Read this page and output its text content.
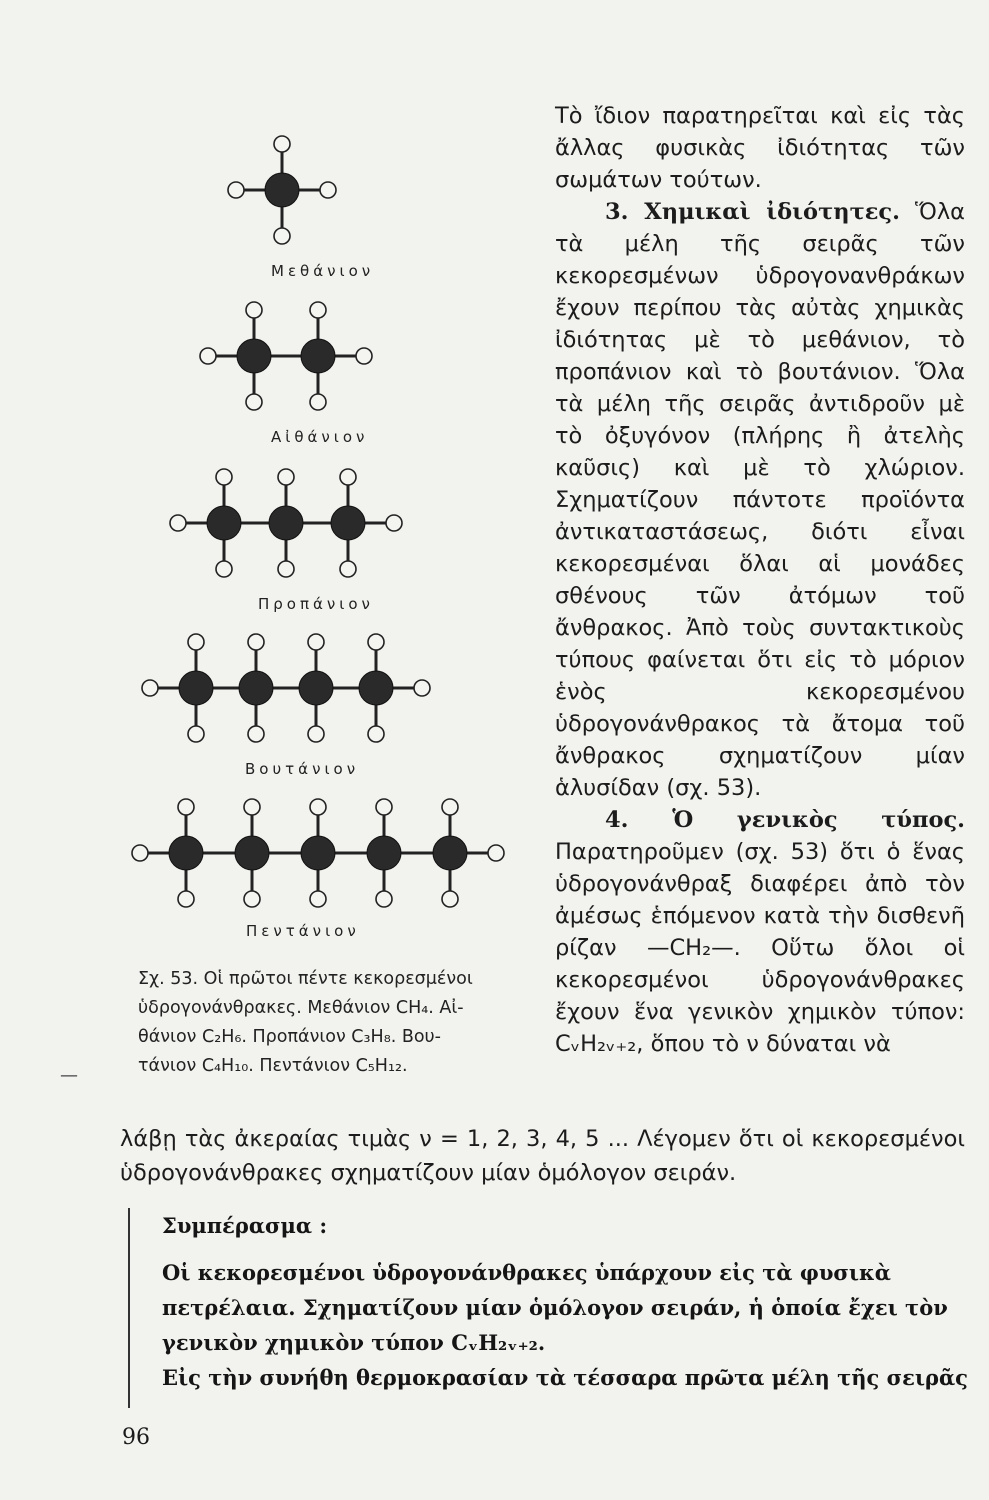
Μεθάνιον
Αἰθάνιον
Προπάνιον
Βουτάνιον
Πεντάνιον
Σχ. 53. Οἱ πρῶτοι πέντε κεκορεσμένοι
ὑδρογονάνθρακες. Μεθάνιον CH₄. Αἰ-
θάνιον C₂H₆. Προπάνιον C₃H₈. Βου-
τάνιον C₄H₁₀. Πεντάνιον C₅H₁₂.
—

Τὸ ἴδιον παρατηρεῖται καὶ εἰς τὰς ἄλλας φυσικὰς ἰδιότητας τῶν σωμάτων τούτων.

3. Χημικαὶ ἰδιότητες. Ὅλα τὰ μέλη τῆς σειρᾶς τῶν κεκορεσμένων ὑδρογονανθράκων ἔχουν περίπου τὰς αὐτὰς χημικὰς ἰδιότητας μὲ τὸ μεθάνιον, τὸ προπάνιον καὶ τὸ βουτάνιον. Ὅλα τὰ μέλη τῆς σειρᾶς ἀντιδροῦν μὲ τὸ ὀξυγόνον (πλήρης ἢ ἀτελὴς καῦσις) καὶ μὲ τὸ χλώριον. Σχηματίζουν πάντοτε προϊόντα ἀντικαταστάσεως, διότι εἶναι κεκορεσμέναι ὅλαι αἱ μονάδες σθένους τῶν ἀτόμων τοῦ ἄνθρακος. Ἀπὸ τοὺς συντακτικοὺς τύπους φαίνεται ὅτι εἰς τὸ μόριον ἑνὸς κεκορεσμένου ὑδρογονάνθρακος τὰ ἄτομα τοῦ ἄνθρακος σχηματίζουν μίαν ἁλυσίδαν (σχ. 53).

4. Ὁ γενικὸς τύπος. Παρατηροῦμεν (σχ. 53) ὅτι ὁ ἕνας ὑδρογονάνθραξ διαφέρει ἀπὸ τὸν ἀμέσως ἑπόμενον κατὰ τὴν δισθενῆ ρίζαν —CH₂—. Οὕτω ὅλοι οἱ κεκορεσμένοι ὑδρογονάνθρακες ἔχουν ἕνα γενικὸν χημικὸν τύπον: CᵥH₂ᵥ₊₂, ὅπου τὸ ν δύναται νὰ

λάβῃ τὰς ἀκεραίας τιμὰς ν = 1, 2, 3, 4, 5 ... Λέγομεν ὅτι οἱ κεκορεσμένοι ὑδρογονάνθρακες σχηματίζουν μίαν ὁμόλογον σειράν.

Συμπέρασμα :

Οἱ κεκορεσμένοι ὑδρογονάνθρακες ὑπάρχουν εἰς τὰ φυσικὰ πετρέλαια. Σχηματίζουν μίαν ὁμόλογον σειράν, ἡ ὁποία ἔχει τὸν γενικὸν χημικὸν τύπον CᵥH₂ᵥ₊₂.

Εἰς τὴν συνήθη θερμοκρασίαν τὰ τέσσαρα πρῶτα μέλη τῆς σειρᾶς

96
